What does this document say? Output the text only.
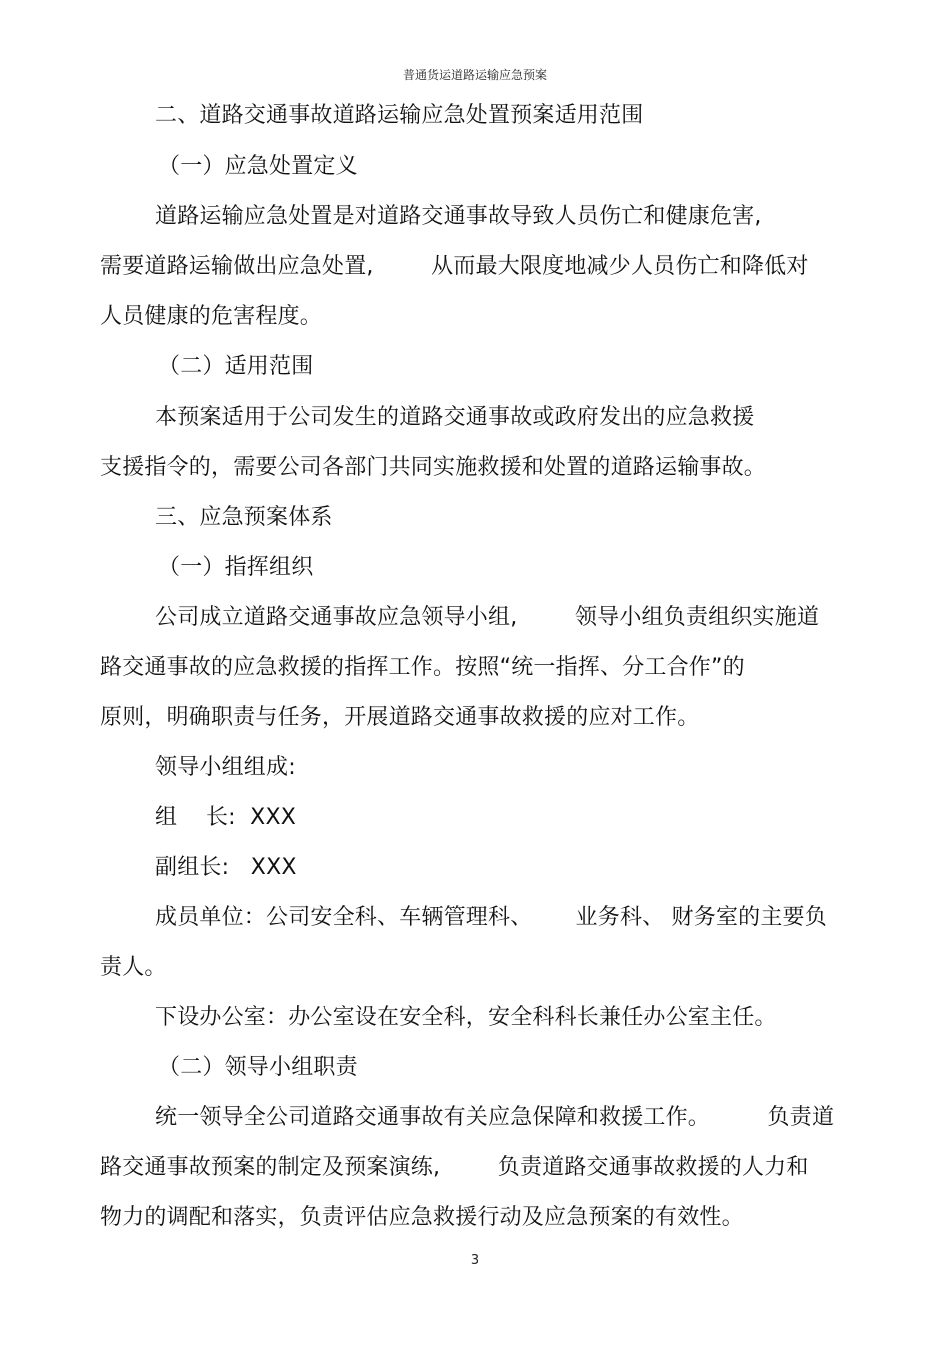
普通货运道路运输应急预案
二、道路交通事故道路运输应急处置预案适用范围
（一）应急处置定义
道路运输应急处置是对道路交通事故导致人员伤亡和健康危害,
需要道路运输做出应急处置,        从而最大限度地减少人员伤亡和降低对
人员健康的危害程度。
（二）适用范围
本预案适用于公司发生的道路交通事故或政府发出的应急救援
支援指令的，需要公司各部门共同实施救援和处置的道路运输事故。
三、应急预案体系
（一）指挥组织
公司成立道路交通事故应急领导小组,        领导小组负责组织实施道
路交通事故的应急救援的指挥工作。按照“统一指挥、分工合作”的
原则，明确职责与任务，开展道路交通事故救援的应对工作。
领导小组组成:
组    长:  XXX
副组长:   XXX
成员单位：公司安全科、车辆管理科、      业务科、 财务室的主要负
责人。
下设办公室：办公室设在安全科，安全科科长兼任办公室主任。
（二）领导小组职责
统一领导全公司道路交通事故有关应急保障和救援工作。        负责道
路交通事故预案的制定及预案演练,        负责道路交通事故救援的人力和
物力的调配和落实，负责评估应急救援行动及应急预案的有效性。
3
